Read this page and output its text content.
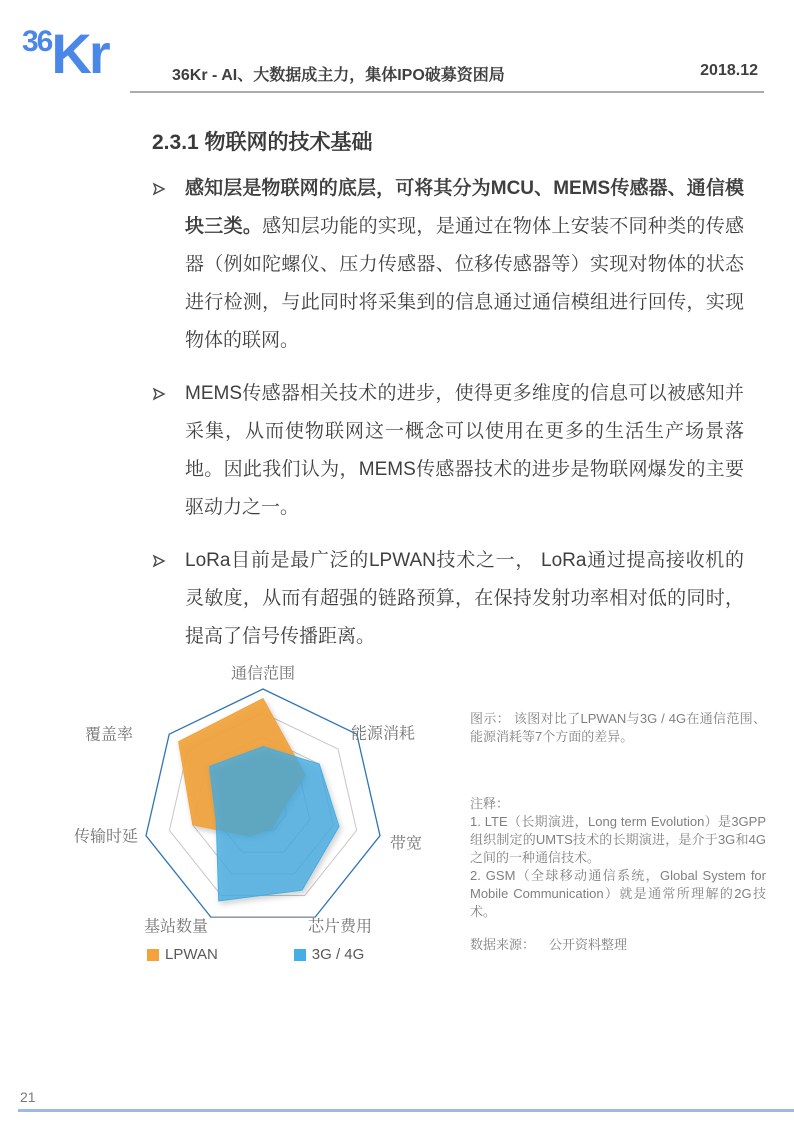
36Kr	36Kr - AI、大数据成主力，集体IPO破募资困局	2018.12
2.3.1 物联网的技术基础
感知层是物联网的底层，可将其分为MCU、MEMS传感器、通信模块三类。感知层功能的实现，是通过在物体上安装不同种类的传感器（例如陀螺仪、压力传感器、位移传感器等）实现对物体的状态进行检测，与此同时将采集到的信息通过通信模组进行回传，实现物体的联网。
MEMS传感器相关技术的进步，使得更多维度的信息可以被感知并采集，从而使物联网这一概念可以使用在更多的生活生产场景落地。因此我们认为，MEMS传感器技术的进步是物联网爆发的主要驱动力之一。
LoRa目前是最广泛的LPWAN技术之一， LoRa通过提高接收机的灵敏度，从而有超强的链路预算，在保持发射功率相对低的同时，提高了信号传播距离。
通信范围
能源消耗
带宽
芯片费用
基站数量
传输时延
覆盖率
LPWAN	3G / 4G
图示： 该图对比了LPWAN与3G / 4G在通信范围、能源消耗等7个方面的差异。
注释：
1. LTE（长期演进，Long term Evolution）是3GPP组织制定的UMTS技术的长期演进，是介于3G和4G之间的一种通信技术。
2. GSM（全球移动通信系统，Global System for Mobile Communication）就是通常所理解的2G技术。
数据来源： 公开资料整理
21
